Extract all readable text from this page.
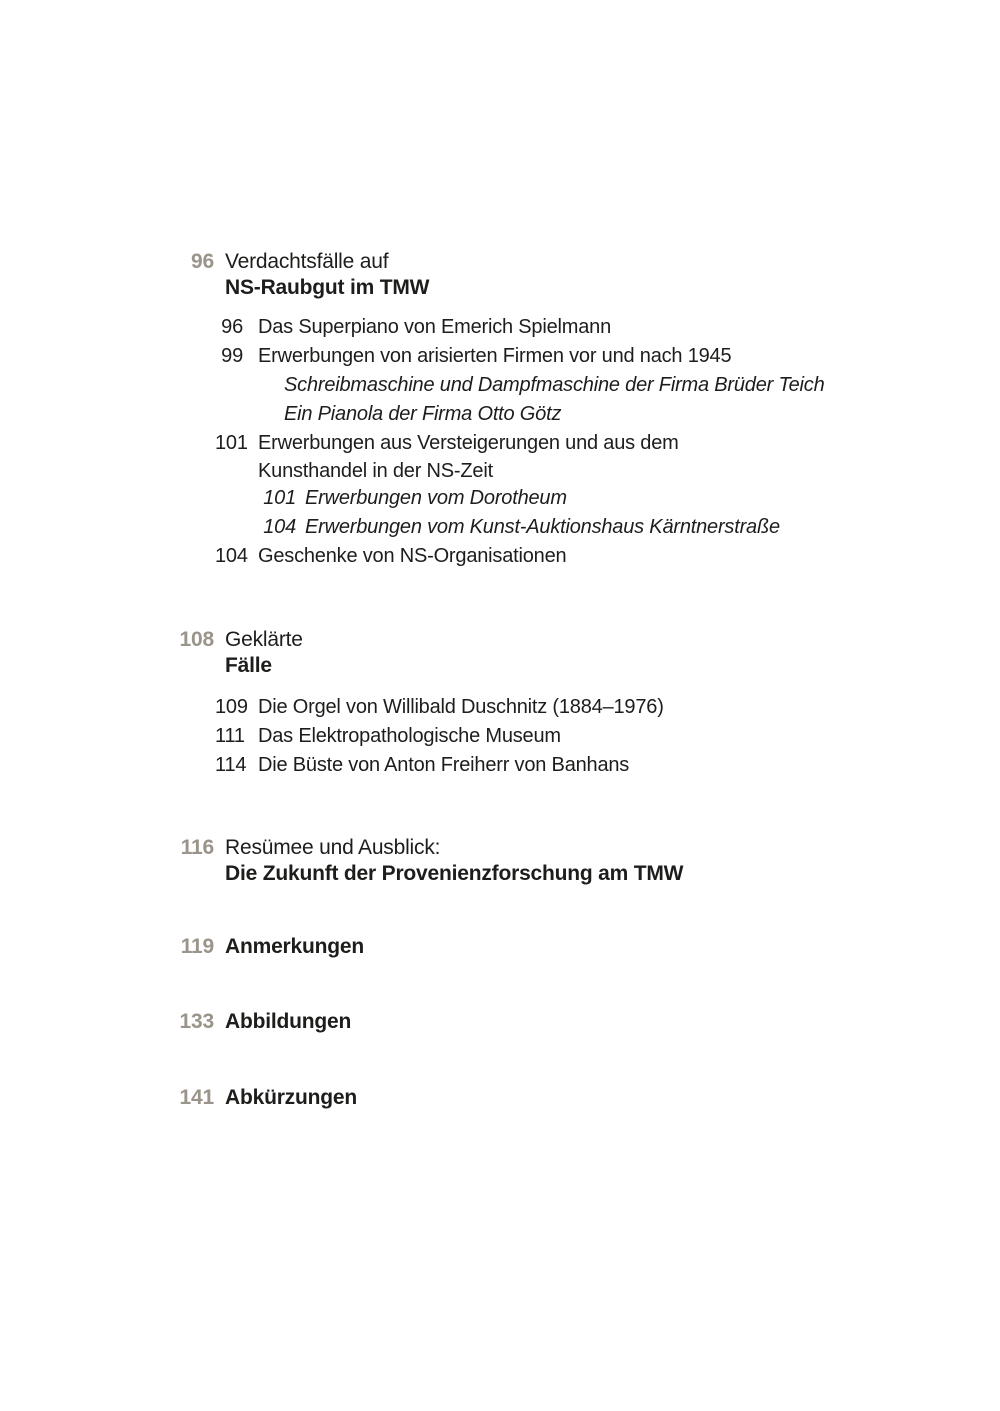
96 Verdachtsfälle auf
NS-Raubgut im TMW
96 Das Superpiano von Emerich Spielmann
99 Erwerbungen von arisierten Firmen vor und nach 1945
Schreibmaschine und Dampfmaschine der Firma Brüder Teich
Ein Pianola der Firma Otto Götz
101 Erwerbungen aus Versteigerungen und aus dem
Kunsthandel in der NS-Zeit
101 Erwerbungen vom Dorotheum
104 Erwerbungen vom Kunst-Auktionshaus Kärntnerstraße
104 Geschenke von NS-Organisationen
108 Geklärte
Fälle
109 Die Orgel von Willibald Duschnitz (1884–1976)
111 Das Elektropathologische Museum
114 Die Büste von Anton Freiherr von Banhans
116 Resümee und Ausblick:
Die Zukunft der Provenienzforschung am TMW
119 Anmerkungen
133 Abbildungen
141 Abkürzungen
